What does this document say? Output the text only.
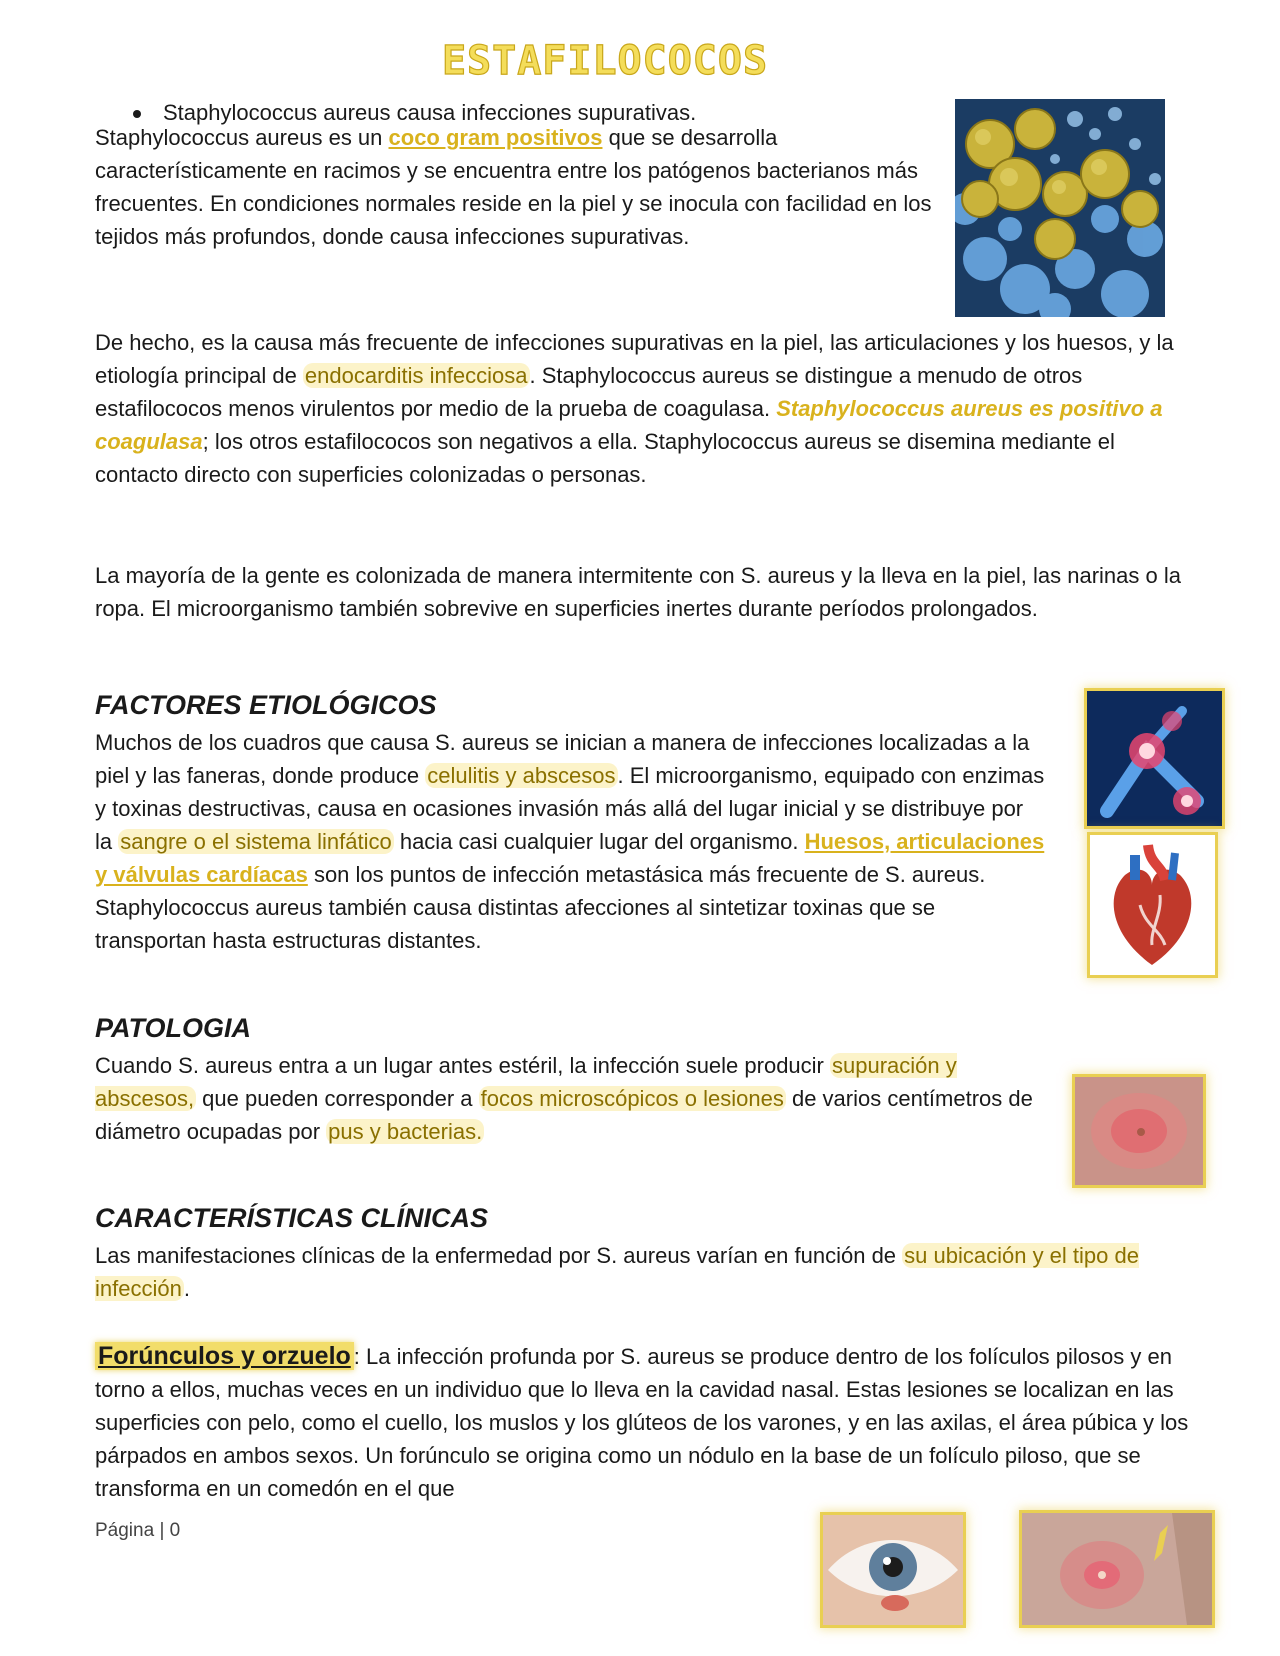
ESTAFILOCOCOS
Staphylococcus aureus causa infecciones supurativas.

Staphylococcus aureus es un coco gram positivos que se desarrolla característicamente en racimos y se encuentra entre los patógenos bacterianos más frecuentes. En condiciones normales reside en la piel y se inocula con facilidad en los tejidos más profundos, donde causa infecciones supurativas.

De hecho, es la causa más frecuente de infecciones supurativas en la piel, las articulaciones y los huesos, y la etiología principal de endocarditis infecciosa. Staphylococcus aureus se distingue a menudo de otros estafilococos menos virulentos por medio de la prueba de coagulasa. Staphylococcus aureus es positivo a coagulasa; los otros estafilococos son negativos a ella. Staphylococcus aureus se disemina mediante el contacto directo con superficies colonizadas o personas.

La mayoría de la gente es colonizada de manera intermitente con S. aureus y la lleva en la piel, las narinas o la ropa. El microorganismo también sobrevive en superficies inertes durante períodos prolongados.

FACTORES ETIOLÓGICOS

Muchos de los cuadros que causa S. aureus se inician a manera de infecciones localizadas a la piel y las faneras, donde produce celulitis y abscesos. El microorganismo, equipado con enzimas y toxinas destructivas, causa en ocasiones invasión más allá del lugar inicial y se distribuye por la sangre o el sistema linfático hacia casi cualquier lugar del organismo. Huesos, articulaciones y válvulas cardíacas son los puntos de infección metastásica más frecuente de S. aureus. Staphylococcus aureus también causa distintas afecciones al sintetizar toxinas que se transportan hasta estructuras distantes.

PATOLOGIA

Cuando S. aureus entra a un lugar antes estéril, la infección suele producir supuración y abscesos, que pueden corresponder a focos microscópicos o lesiones de varios centímetros de diámetro ocupadas por pus y bacterias.

CARACTERÍSTICAS CLÍNICAS

Las manifestaciones clínicas de la enfermedad por S. aureus varían en función de su ubicación y el tipo de infección.

Forúnculos y orzuelo : La infección profunda por S. aureus se produce dentro de los folículos pilosos y en torno a ellos, muchas veces en un individuo que lo lleva en la cavidad nasal. Estas lesiones se localizan en las superficies con pelo, como el cuello, los muslos y los glúteos de los varones, y en las axilas, el área púbica y los párpados en ambos sexos. Un forúnculo se origina como un nódulo en la base de un folículo piloso, que se transforma en un comedón en el que

Página | 0
